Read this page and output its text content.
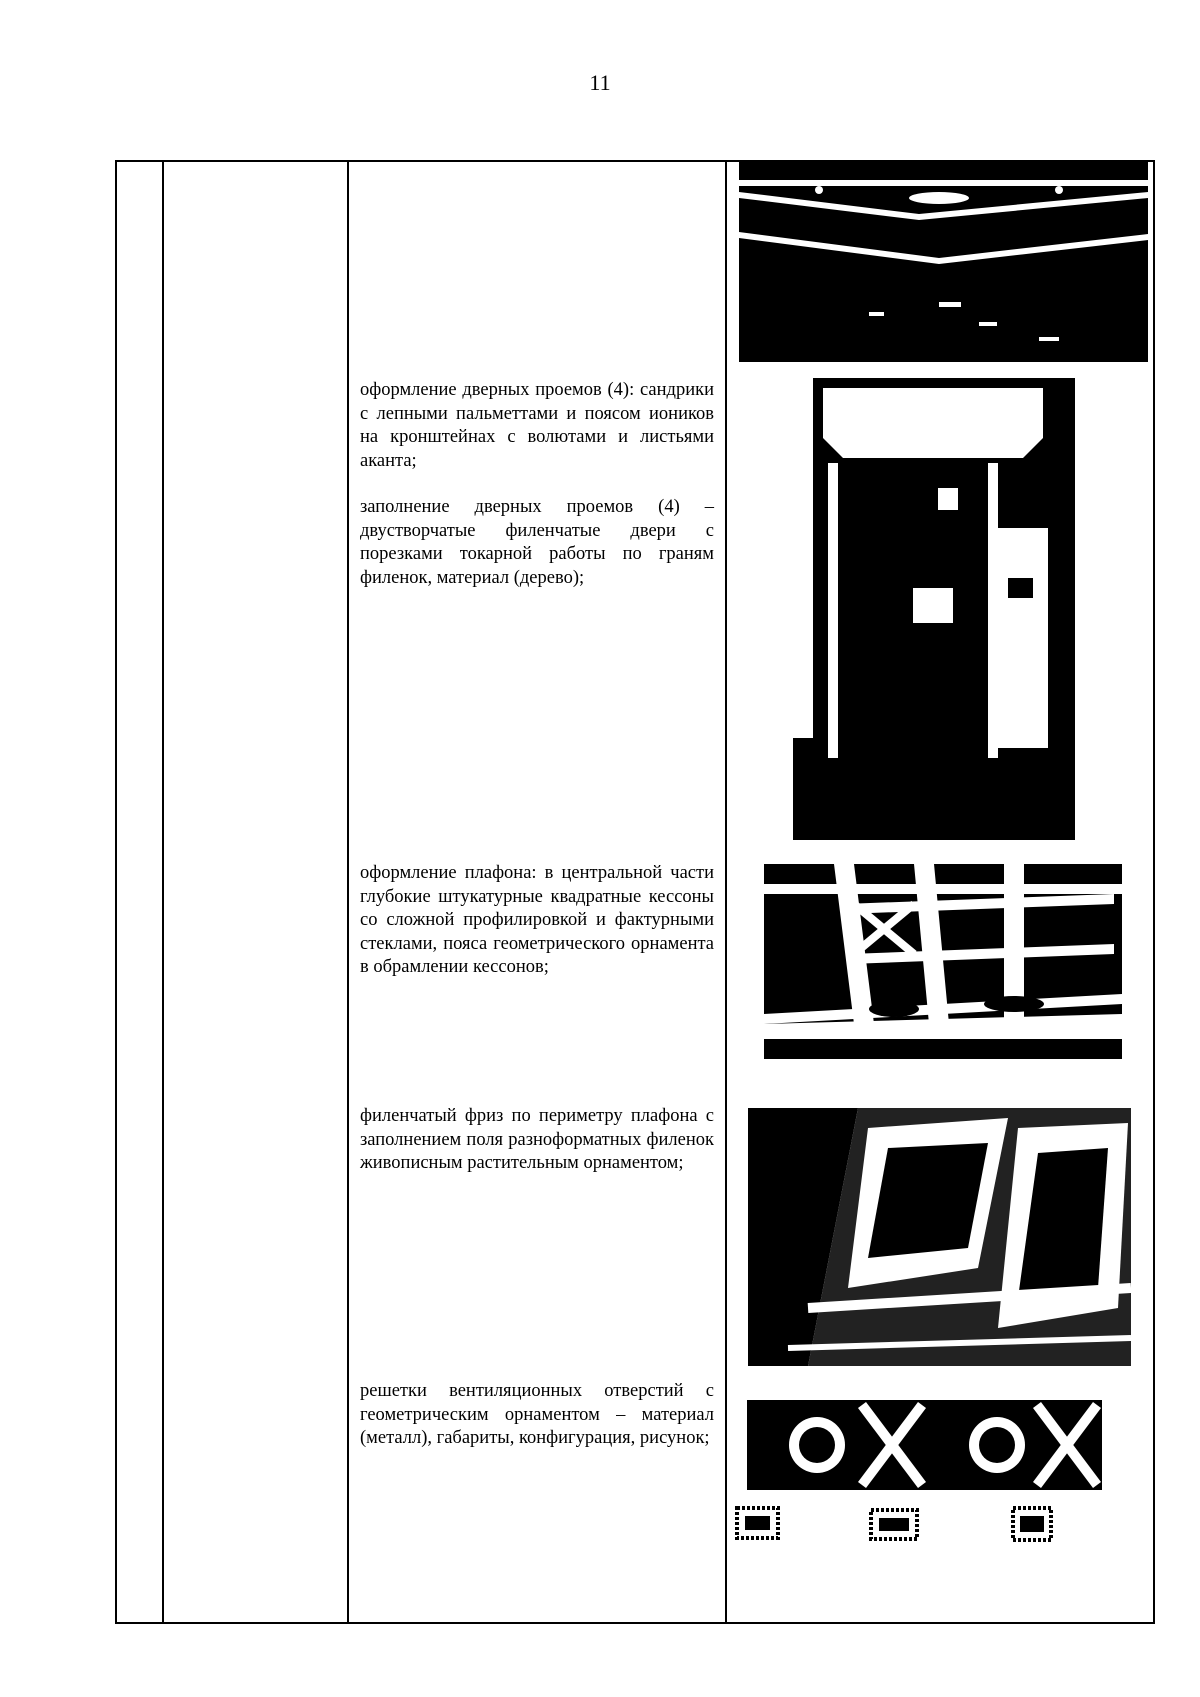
11
оформление дверных проемов (4): сандрики с лепными пальметтами и поясом иоников на кронштейнах с волютами и листьями аканта;
заполнение дверных проемов (4) – двустворчатые филенчатые двери с порезками токарной работы по граням филенок, материал (дерево);
оформление плафона: в центральной части глубокие штукатурные квадратные кессоны со сложной профилировкой и фактурными стеклами, пояса геометрического орнамента в обрамлении кессонов;
филенчатый фриз по периметру плафона с заполнением поля разноформатных филенок живописным растительным орнаментом;
решетки вентиляционных отверстий с геометрическим орнаментом – материал (металл), габариты, конфигурация, рисунок;
